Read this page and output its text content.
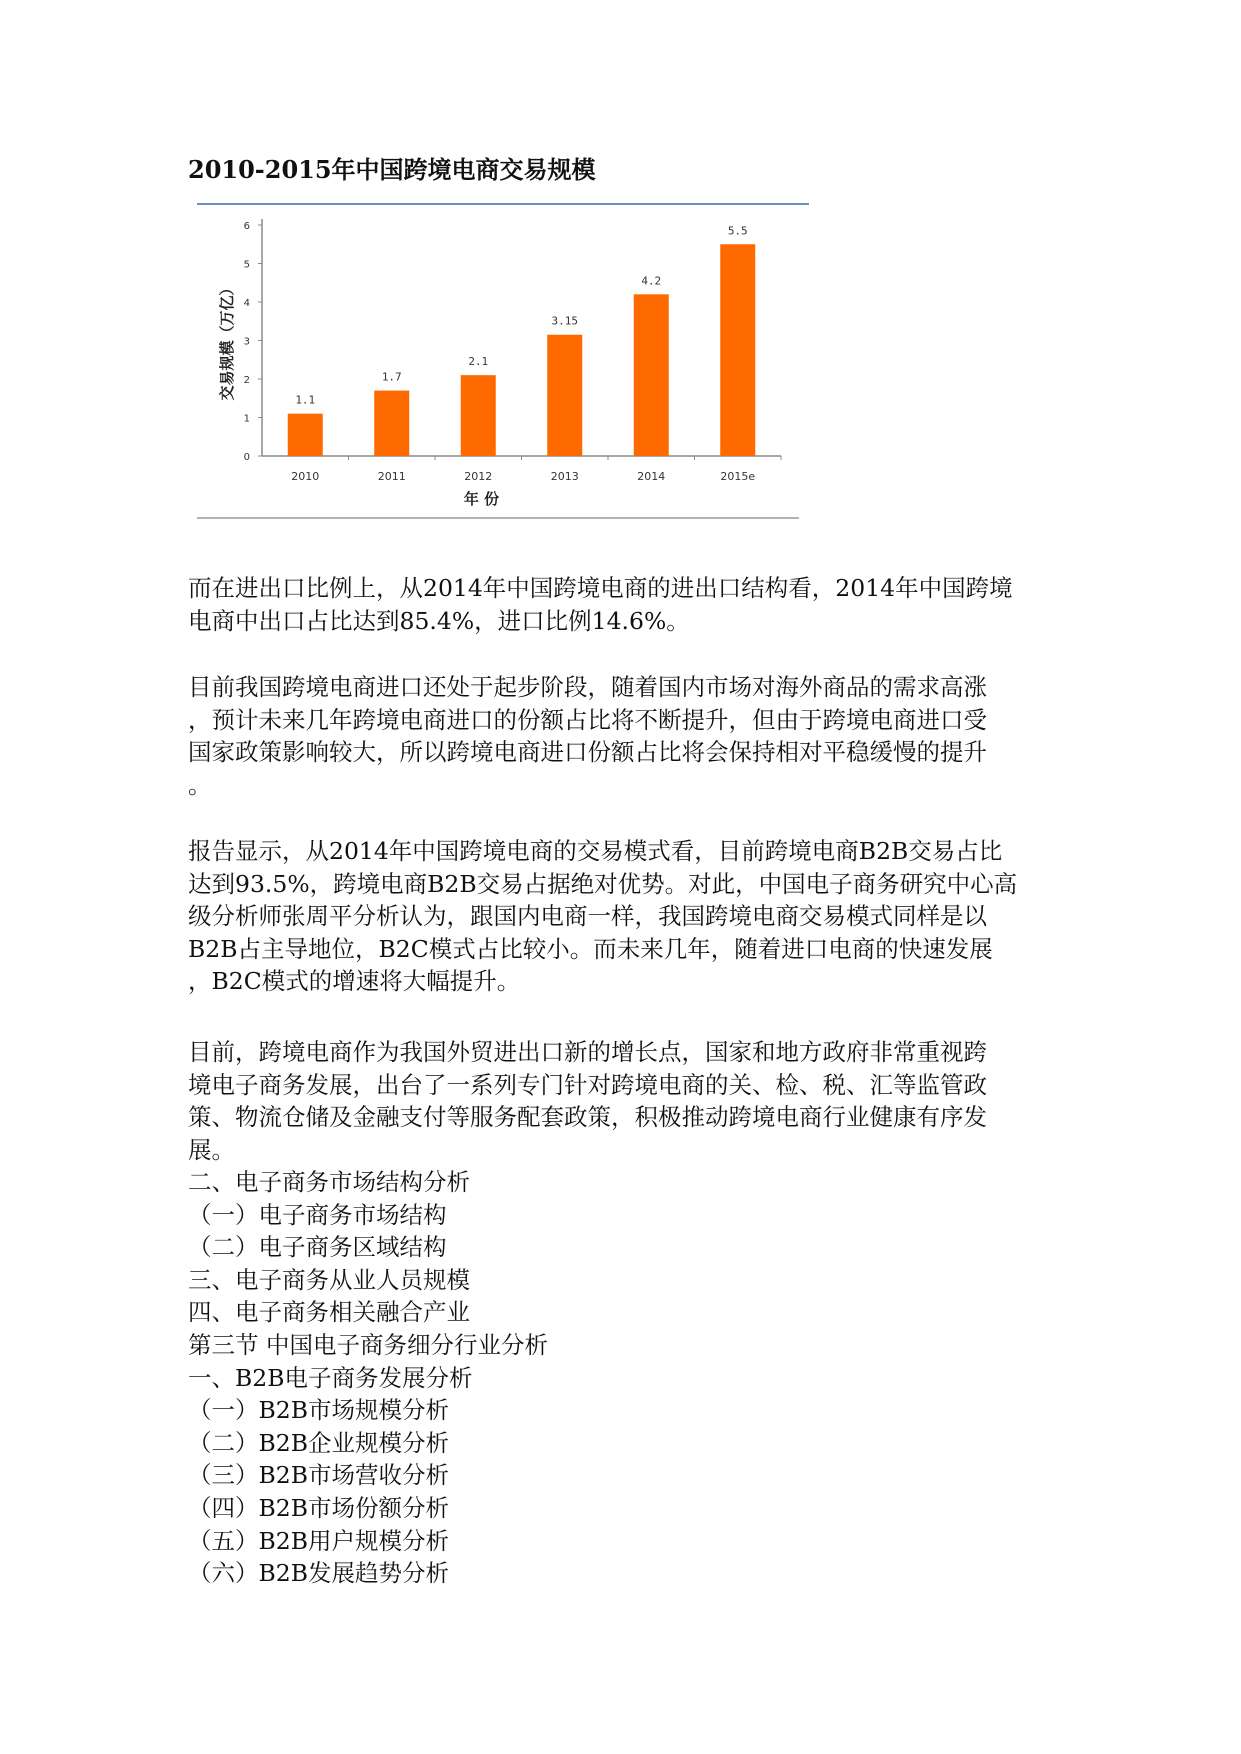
2010-2015年中国跨境电商交易规模
0
1
2
3
4
5
6
交易规模（万亿）	1.1
2010
1.7
2011
2.1
2012
3.15
2013
4.2
2014
5.5
2015e
年 份
而在进出口比例上，从2014年中国跨境电商的进出口结构看，2014年中国跨境
电商中出口占比达到85.4%，进口比例14.6%。
目前我国跨境电商进口还处于起步阶段，随着国内市场对海外商品的需求高涨
，预计未来几年跨境电商进口的份额占比将不断提升，但由于跨境电商进口受
国家政策影响较大，所以跨境电商进口份额占比将会保持相对平稳缓慢的提升
。
报告显示，从2014年中国跨境电商的交易模式看，目前跨境电商B2B交易占比
达到93.5%，跨境电商B2B交易占据绝对优势。对此，中国电子商务研究中心高
级分析师张周平分析认为，跟国内电商一样，我国跨境电商交易模式同样是以
B2B占主导地位，B2C模式占比较小。而未来几年，随着进口电商的快速发展
，B2C模式的增速将大幅提升。
目前，跨境电商作为我国外贸进出口新的增长点，国家和地方政府非常重视跨
境电子商务发展，出台了一系列专门针对跨境电商的关、检、税、汇等监管政
策、物流仓储及金融支付等服务配套政策，积极推动跨境电商行业健康有序发
展。
二、电子商务市场结构分析
（一）电子商务市场结构
（二）电子商务区域结构
三、电子商务从业人员规模
四、电子商务相关融合产业
第三节 中国电子商务细分行业分析
一、B2B电子商务发展分析
（一）B2B市场规模分析
（二）B2B企业规模分析
（三）B2B市场营收分析
（四）B2B市场份额分析
（五）B2B用户规模分析
（六）B2B发展趋势分析
